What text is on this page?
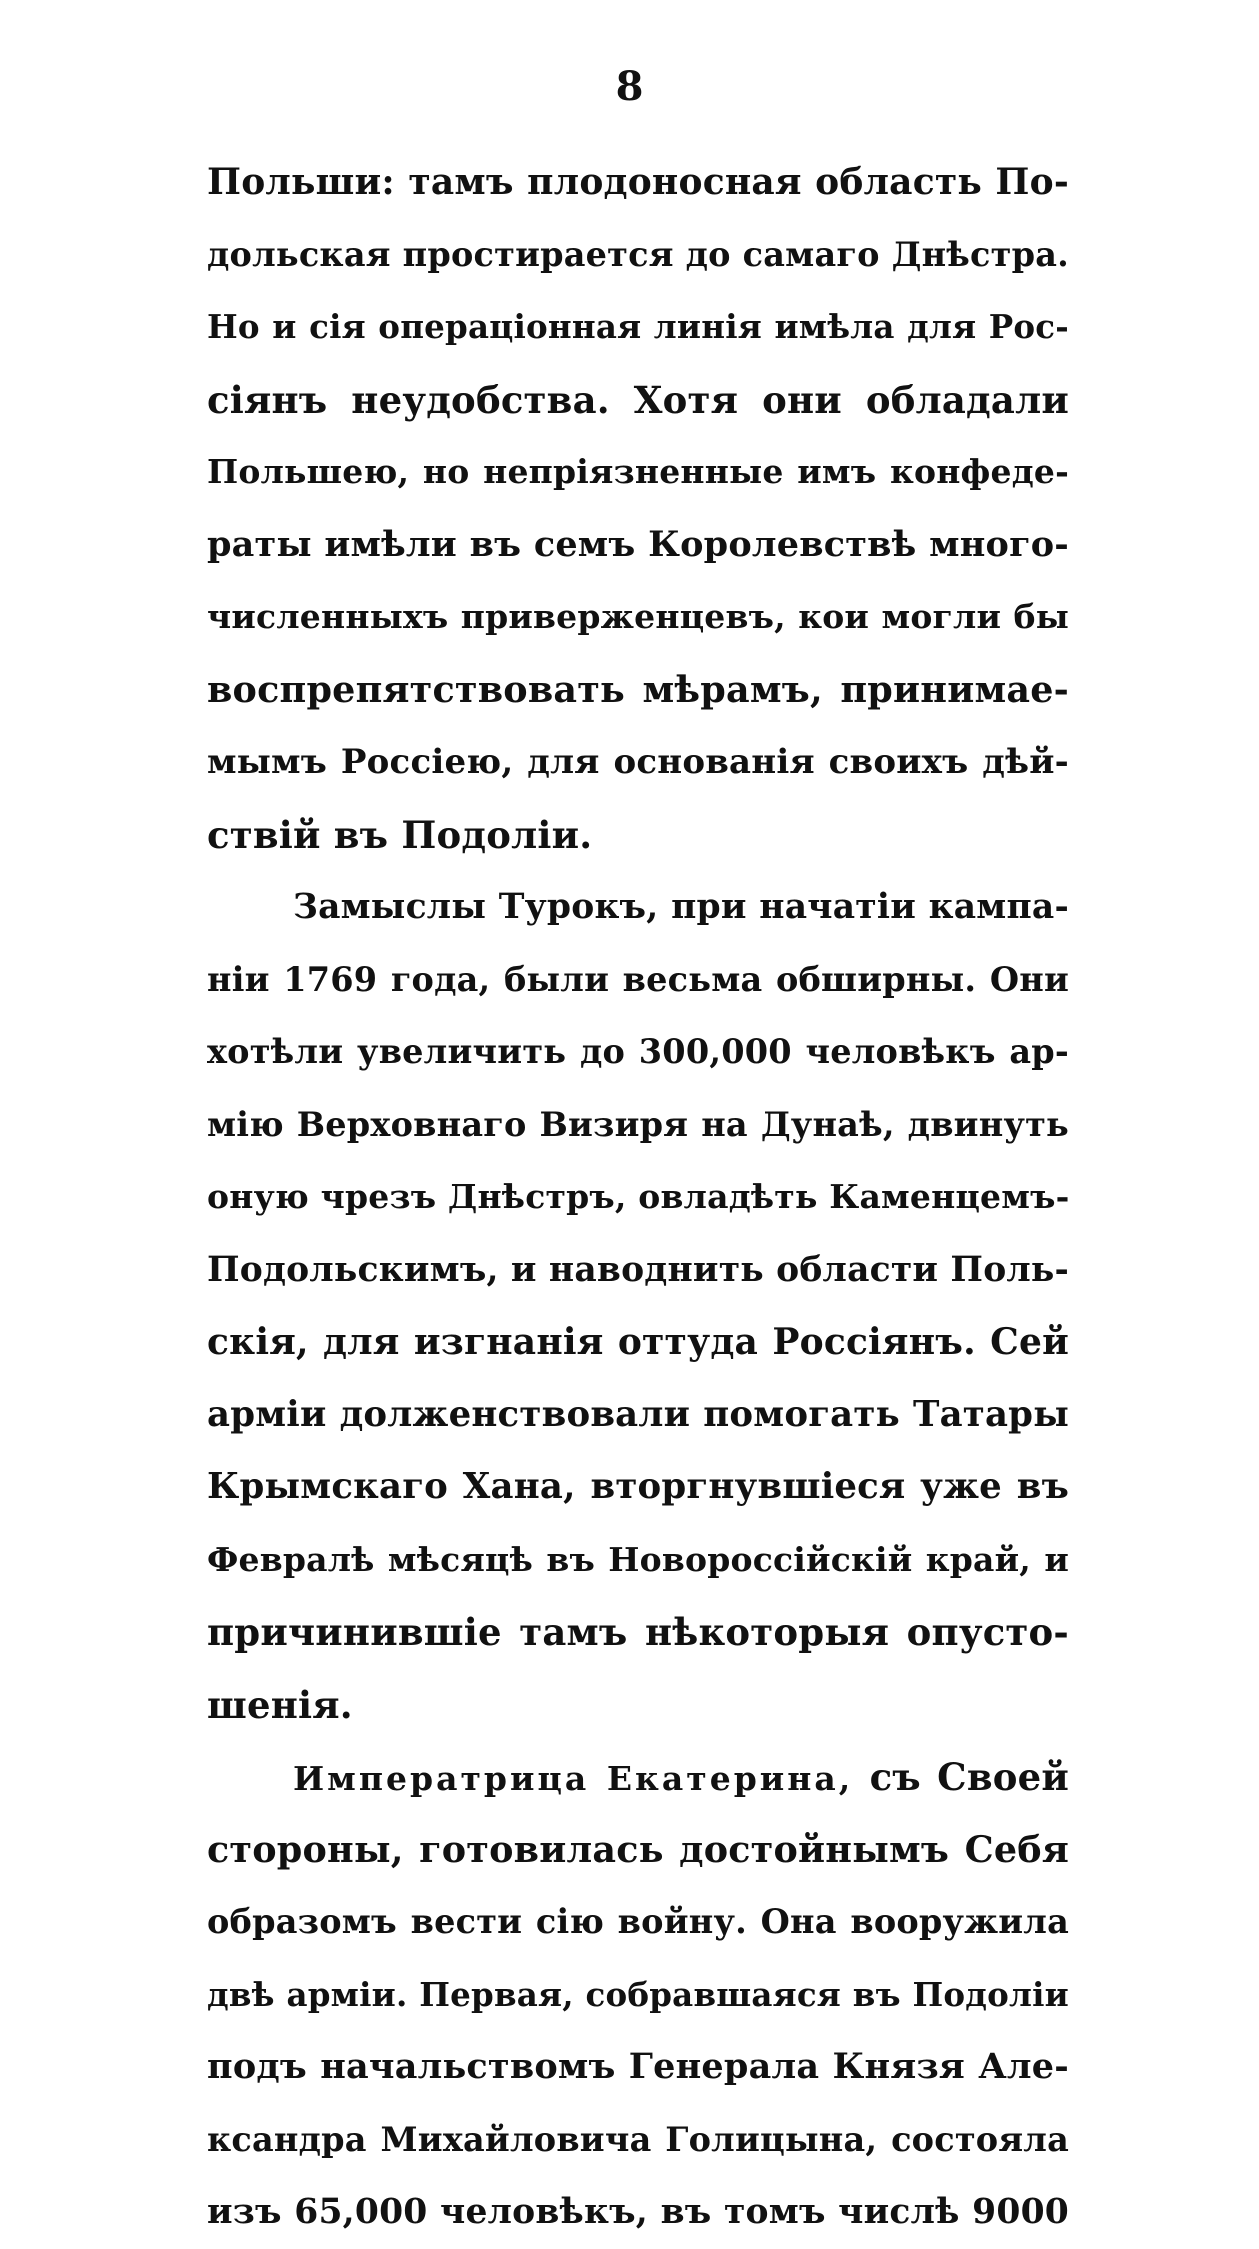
8
Польши: тамъ плодоносная область По-
дольская простирается до самаго Днѣстра.
Но и сія операціонная линія имѣла для Рос-
сіянъ неудобства. Хотя они обладали
Польшею, но непріязненные имъ конфеде-
раты имѣли въ семъ Королевствѣ много-
численныхъ приверженцевъ, кои могли бы
воспрепятствовать мѣрамъ, принимае-
мымъ Россіею, для основанія своихъ дѣй-
ствій въ Подоліи.
Замыслы Турокъ, при начатіи кампа-
ніи 1769 года, были весьма обширны. Они
хотѣли увеличить до 300,000 человѣкъ ар-
мію Верховнаго Визиря на Дунаѣ, двинуть
оную чрезъ Днѣстръ, овладѣть Каменцемъ-
Подольскимъ, и наводнить области Поль-
скія, для изгнанія оттуда Россіянъ. Сей
арміи долженствовали помогать Татары
Крымскаго Хана, вторгнувшіеся уже въ
Февралѣ мѣсяцѣ въ Новороссійскій край, и
причинившіе тамъ нѣкоторыя опусто-
шенія.
Императрица Екатерина, съ Своей
стороны, готовилась достойнымъ Себя
образомъ вести сію войну. Она вооружила
двѣ арміи. Первая, собравшаяся въ Подоліи
подъ начальствомъ Генерала Князя Але-
ксандра Михайловича Голицына, состояла
изъ 65,000 человѣкъ, въ томъ числѣ 9000
